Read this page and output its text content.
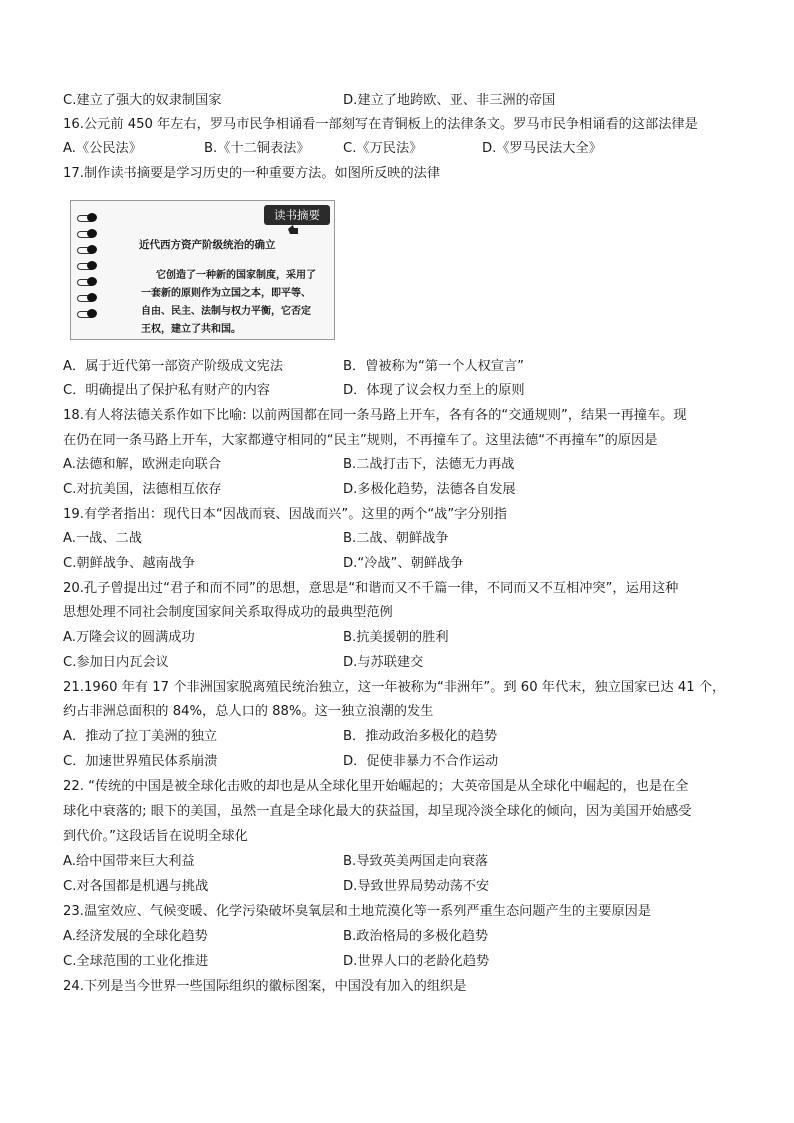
C.建立了强大的奴隶制国家	D.建立了地跨欧、亚、非三洲的帝国
16.公元前 450 年左右，罗马市民争相诵看一部刻写在青铜板上的法律条文。罗马市民争相诵看的这部法律是
A.《公民法》	B.《十二铜表法》	C.《万民法》	D.《罗马民法大全》
17.制作读书摘要是学习历史的一种重要方法。如图所反映的法律
读书摘要
近代西方资产阶级统治的确立
它创造了一种新的国家制度，采用了一套新的原则作为立国之本，即平等、自由、民主、法制与权力平衡，它否定王权，建立了共和国。
A．属于近代第一部资产阶级成文宪法	B．曾被称为“第一个人权宣言”
C．明确提出了保护私有财产的内容	D．体现了议会权力至上的原则
18.有人将法德关系作如下比喻: 以前两国都在同一条马路上开车，各有各的“交通规则”，结果一再撞车。现
在仍在同一条马路上开车，大家都遵守相同的“民主”规则，不再撞车了。这里法德“不再撞车”的原因是
A.法德和解，欧洲走向联合	B.二战打击下，法德无力再战
C.对抗美国，法德相互依存	D.多极化趋势，法德各自发展
19.有学者指出：现代日本“因战而衰、因战而兴”。这里的两个“战”字分别指
A.一战、二战	B.二战、朝鲜战争
C.朝鲜战争、越南战争	D.“冷战”、朝鲜战争
20.孔子曾提出过“君子和而不同”的思想，意思是“和谐而又不千篇一律，不同而又不互相冲突”，运用这种
思想处理不同社会制度国家间关系取得成功的最典型范例
A.万隆会议的圆满成功	B.抗美援朝的胜利
C.参加日内瓦会议	D.与苏联建交
21.1960 年有 17 个非洲国家脱离殖民统治独立，这一年被称为“非洲年”。到 60 年代末，独立国家已达 41 个，
约占非洲总面积的 84%，总人口的 88%。这一独立浪潮的发生
A．推动了拉丁美洲的独立	B．推动政治多极化的趋势
C．加速世界殖民体系崩溃	D．促使非暴力不合作运动
22. “传统的中国是被全球化击败的却也是从全球化里开始崛起的；大英帝国是从全球化中崛起的，也是在全
球化中衰落的; 眼下的美国，虽然一直是全球化最大的获益国，却呈现冷淡全球化的倾向，因为美国开始感受
到代价。”这段话旨在说明全球化
A.给中国带来巨大利益	B.导致英美两国走向衰落
C.对各国都是机遇与挑战	D.导致世界局势动荡不安
23.温室效应、气候变暖、化学污染破坏臭氧层和土地荒漠化等一系列严重生态问题产生的主要原因是
A.经济发展的全球化趋势	B.政治格局的多极化趋势
C.全球范围的工业化推进	D.世界人口的老龄化趋势
24.下列是当今世界一些国际组织的徽标图案，中国没有加入的组织是
